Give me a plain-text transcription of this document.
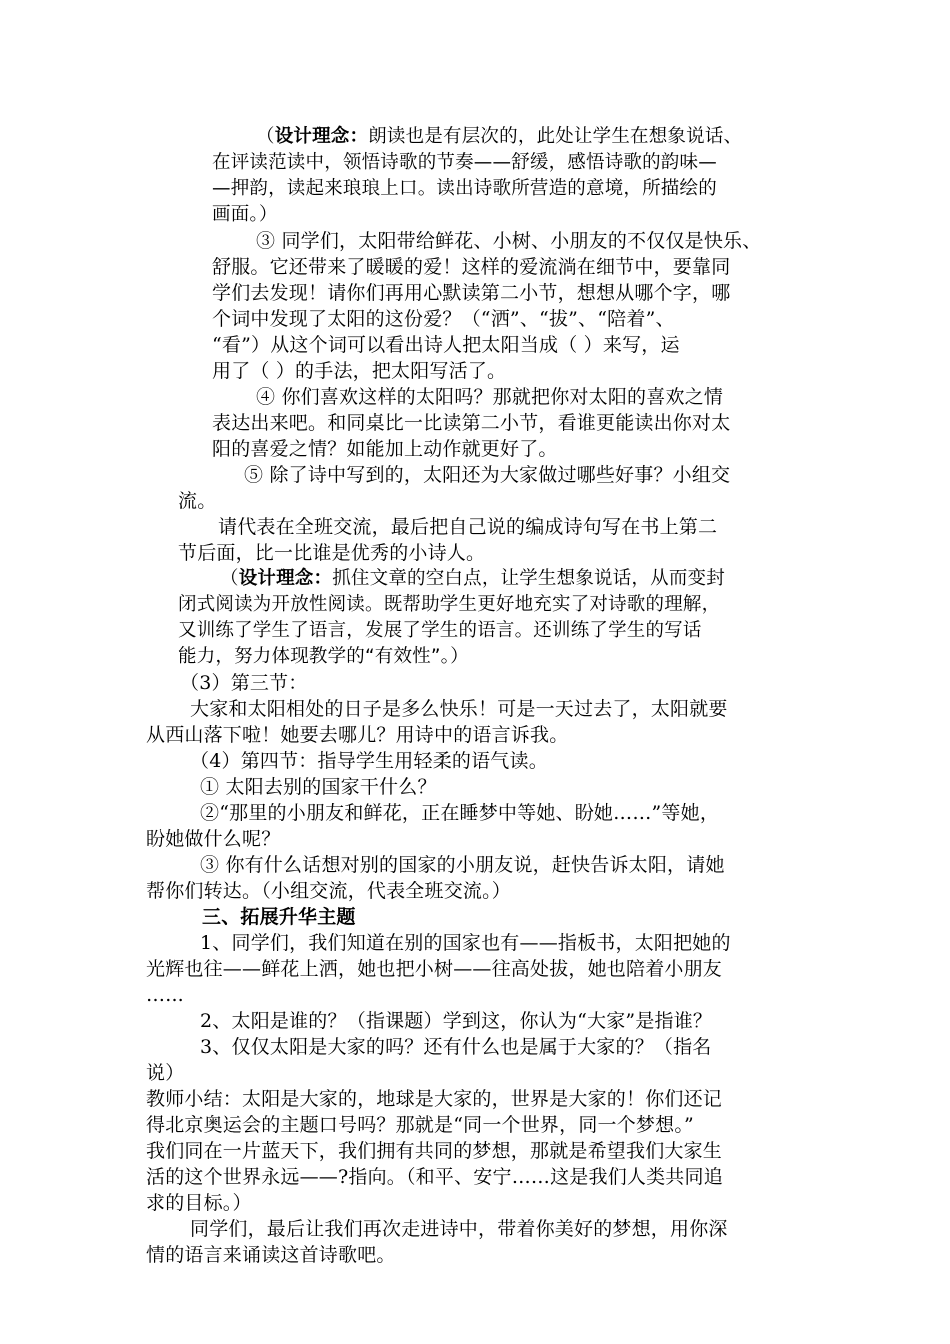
（设计理念：朗读也是有层次的，此处让学生在想象说话、

在评读范读中，领悟诗歌的节奏——舒缓，感悟诗歌的韵味—

—押韵，读起来琅琅上口。读出诗歌所营造的意境，所描绘的

画面。）

③ 同学们，太阳带给鲜花、小树、小朋友的不仅仅是快乐、

舒服。它还带来了暖暖的爱！这样的爱流淌在细节中，要靠同

学们去发现！请你们再用心默读第二小节，想想从哪个字，哪

个词中发现了太阳的这份爱？（“洒”、“拔”、“陪着”、

“看”）从这个词可以看出诗人把太阳当成（ ）来写，运

用了（ ）的手法，把太阳写活了。

④ 你们喜欢这样的太阳吗？那就把你对太阳的喜欢之情

表达出来吧。和同桌比一比读第二小节，看谁更能读出你对太

阳的喜爱之情？如能加上动作就更好了。

⑤ 除了诗中写到的，太阳还为大家做过哪些好事？小组交

流。

请代表在全班交流，最后把自己说的编成诗句写在书上第二

节后面，比一比谁是优秀的小诗人。

（设计理念：抓住文章的空白点，让学生想象说话，从而变封

闭式阅读为开放性阅读。既帮助学生更好地充实了对诗歌的理解，

又训练了学生了语言，发展了学生的语言。还训练了学生的写话

能力，努力体现教学的“有效性”。）

（3）第三节：

大家和太阳相处的日子是多么快乐！可是一天过去了，太阳就要

从西山落下啦！她要去哪儿？用诗中的语言诉我。

（4）第四节：指导学生用轻柔的语气读。

① 太阳去别的国家干什么？

②“那里的小朋友和鲜花，正在睡梦中等她、盼她……”等她，

盼她做什么呢？

③ 你有什么话想对别的国家的小朋友说，赶快告诉太阳，请她

帮你们转达。（小组交流，代表全班交流。）

三、拓展升华主题

1、同学们，我们知道在别的国家也有——指板书，太阳把她的

光辉也往——鲜花上洒，她也把小树——往高处拔，她也陪着小朋友

…...

2、太阳是谁的？（指课题）学到这，你认为“大家”是指谁？

3、仅仅太阳是大家的吗？还有什么也是属于大家的？（指名

说）

教师小结：太阳是大家的，地球是大家的，世界是大家的！你们还记

得北京奥运会的主题口号吗？那就是“同一个世界，同一个梦想。”

我们同在一片蓝天下，我们拥有共同的梦想，那就是希望我们大家生

活的这个世界永远——?指向。（和平、安宁……这是我们人类共同追

求的目标。）

同学们，最后让我们再次走进诗中，带着你美好的梦想，用你深

情的语言来诵读这首诗歌吧。
